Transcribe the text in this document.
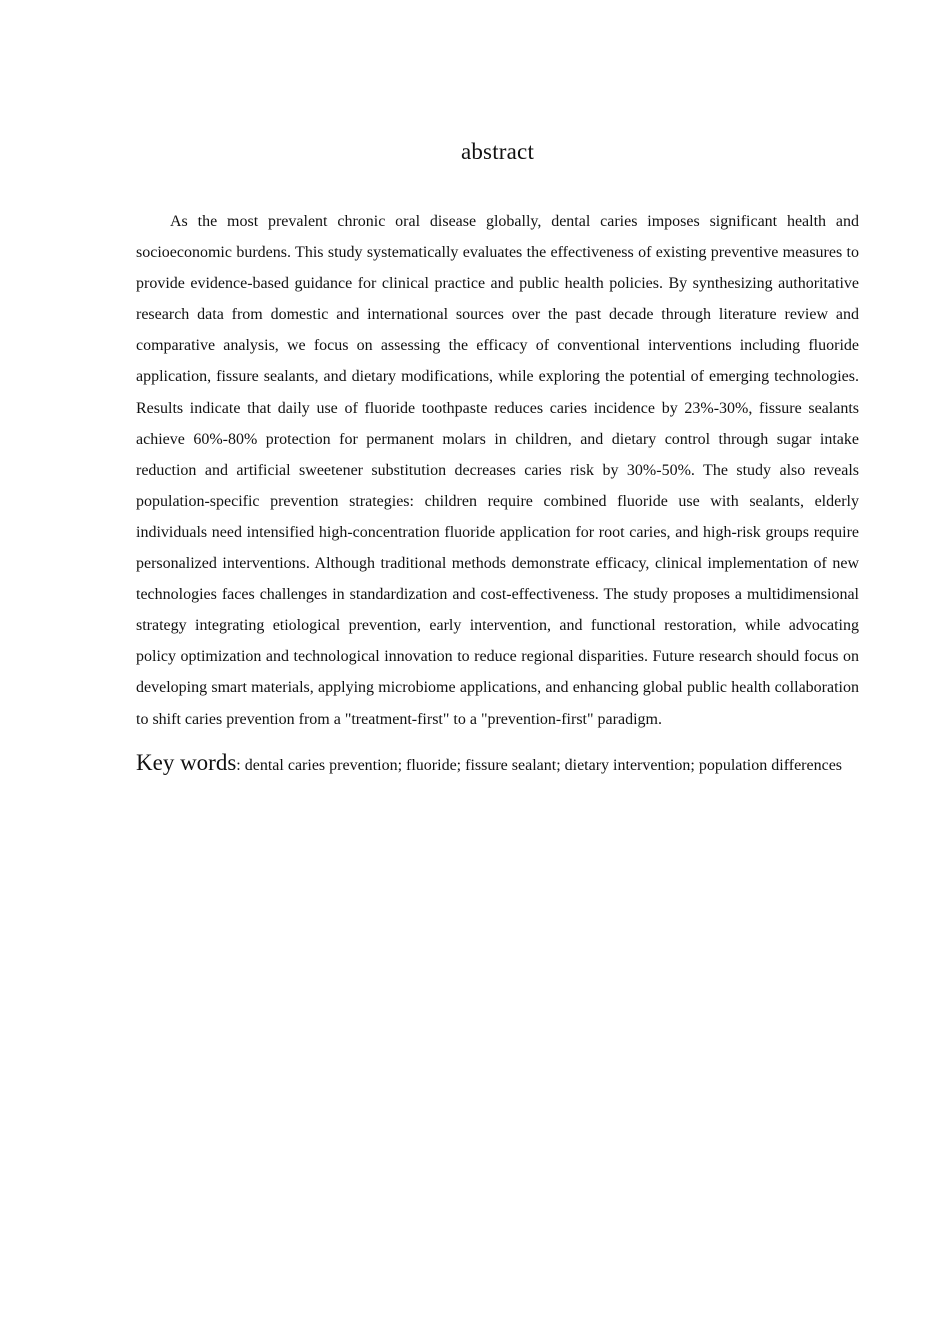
abstract

As the most prevalent chronic oral disease globally, dental caries imposes significant health and socioeconomic burdens. This study systematically evaluates the effectiveness of existing preventive measures to provide evidence-based guidance for clinical practice and public health policies. By synthesizing authoritative research data from domestic and international sources over the past decade through literature review and comparative analysis, we focus on assessing the efficacy of conventional interventions including fluoride application, fissure sealants, and dietary modifications, while exploring the potential of emerging technologies. Results indicate that daily use of fluoride toothpaste reduces caries incidence by 23%-30%, fissure sealants achieve 60%-80% protection for permanent molars in children, and dietary control through sugar intake reduction and artificial sweetener substitution decreases caries risk by 30%-50%. The study also reveals population-specific prevention strategies: children require combined fluoride use with sealants, elderly individuals need intensified high-concentration fluoride application for root caries, and high-risk groups require personalized interventions. Although traditional methods demonstrate efficacy, clinical implementation of new technologies faces challenges in standardization and cost-effectiveness. The study proposes a multidimensional strategy integrating etiological prevention, early intervention, and functional restoration, while advocating policy optimization and technological innovation to reduce regional disparities. Future research should focus on developing smart materials, applying microbiome applications, and enhancing global public health collaboration to shift caries prevention from a "treatment-first" to a "prevention-first" paradigm.

Key words: dental caries prevention; fluoride; fissure sealant; dietary intervention; population differences
